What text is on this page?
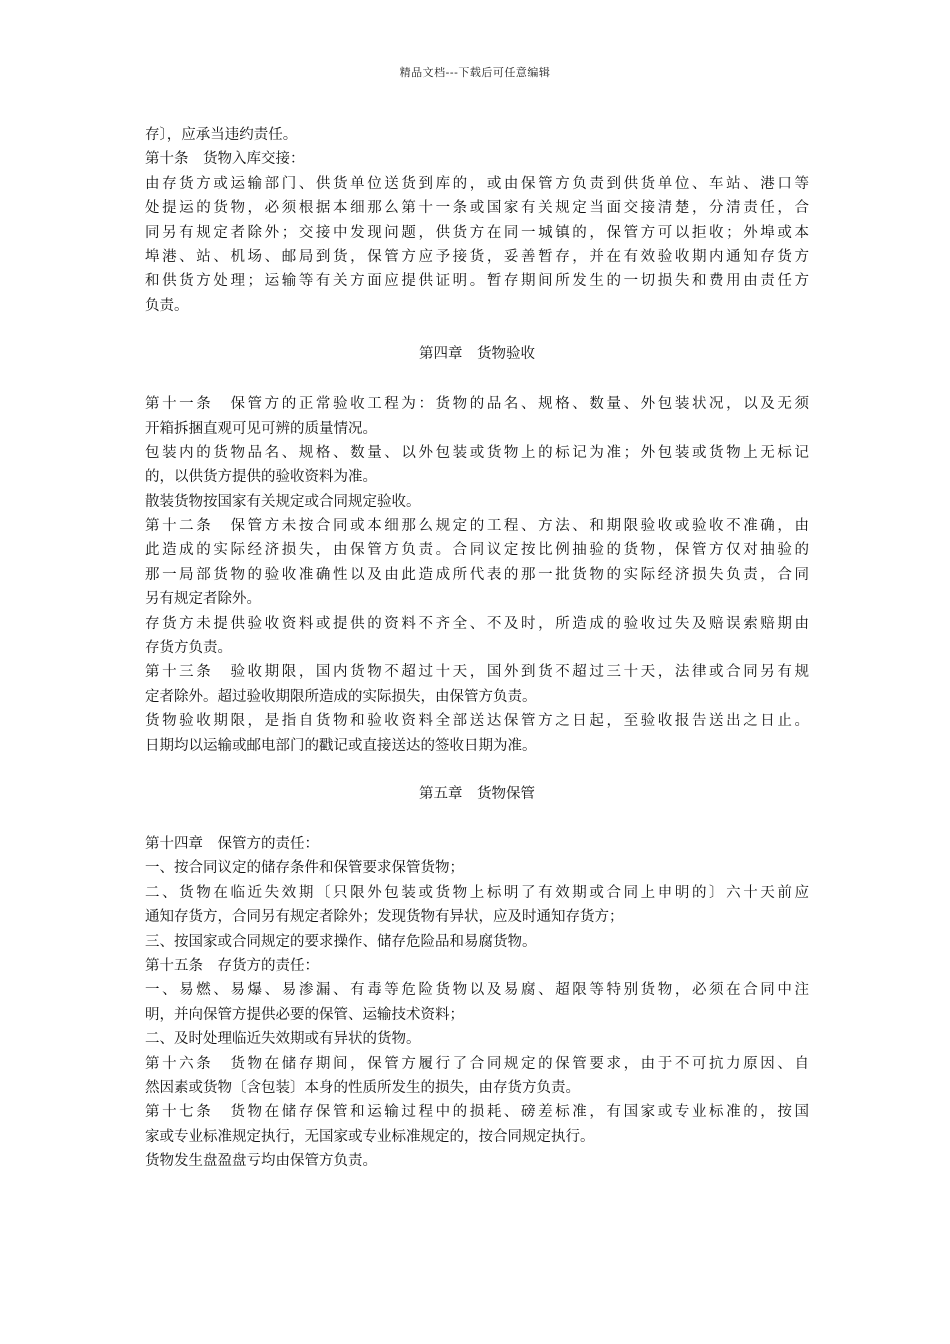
精品文档---下载后可任意编辑
存〕，应承当违约责任。
第十条　货物入库交接：
由存货方或运输部门、供货单位送货到库的，或由保管方负责到供货单位、车站、港口等
处提运的货物，必须根据本细那么第十一条或国家有关规定当面交接清楚，分清责任，合
同另有规定者除外；交接中发现问题，供货方在同一城镇的，保管方可以拒收；外埠或本
埠港、站、机场、邮局到货，保管方应予接货，妥善暂存，并在有效验收期内通知存货方
和供货方处理；运输等有关方面应提供证明。暂存期间所发生的一切损失和费用由责任方
负责。
第四章　货物验收
第十一条　保管方的正常验收工程为：货物的品名、规格、数量、外包装状况，以及无须
开箱拆捆直观可见可辨的质量情况。
包装内的货物品名、规格、数量、以外包装或货物上的标记为准；外包装或货物上无标记
的，以供货方提供的验收资料为准。
散装货物按国家有关规定或合同规定验收。
第十二条　保管方未按合同或本细那么规定的工程、方法、和期限验收或验收不准确，由
此造成的实际经济损失，由保管方负责。合同议定按比例抽验的货物，保管方仅对抽验的
那一局部货物的验收准确性以及由此造成所代表的那一批货物的实际经济损失负责，合同
另有规定者除外。
存货方未提供验收资料或提供的资料不齐全、不及时，所造成的验收过失及赔误索赔期由
存货方负责。
第十三条　验收期限，国内货物不超过十天，国外到货不超过三十天，法律或合同另有规
定者除外。超过验收期限所造成的实际损失，由保管方负责。
货物验收期限，是指自货物和验收资料全部送达保管方之日起，至验收报告送出之日止。
日期均以运输或邮电部门的戳记或直接送达的签收日期为准。
第五章　货物保管
第十四章　保管方的责任：
一、按合同议定的储存条件和保管要求保管货物；
二、货物在临近失效期〔只限外包装或货物上标明了有效期或合同上申明的〕六十天前应
通知存货方，合同另有规定者除外；发现货物有异状，应及时通知存货方；
三、按国家或合同规定的要求操作、储存危险品和易腐货物。
第十五条　存货方的责任：
一、易燃、易爆、易渗漏、有毒等危险货物以及易腐、超限等特别货物，必须在合同中注
明，并向保管方提供必要的保管、运输技术资料；
二、及时处理临近失效期或有异状的货物。
第十六条　货物在储存期间，保管方履行了合同规定的保管要求，由于不可抗力原因、自
然因素或货物〔含包装〕本身的性质所发生的损失，由存货方负责。
第十七条　货物在储存保管和运输过程中的损耗、磅差标准，有国家或专业标准的，按国
家或专业标准规定执行，无国家或专业标准规定的，按合同规定执行。
货物发生盘盈盘亏均由保管方负责。
